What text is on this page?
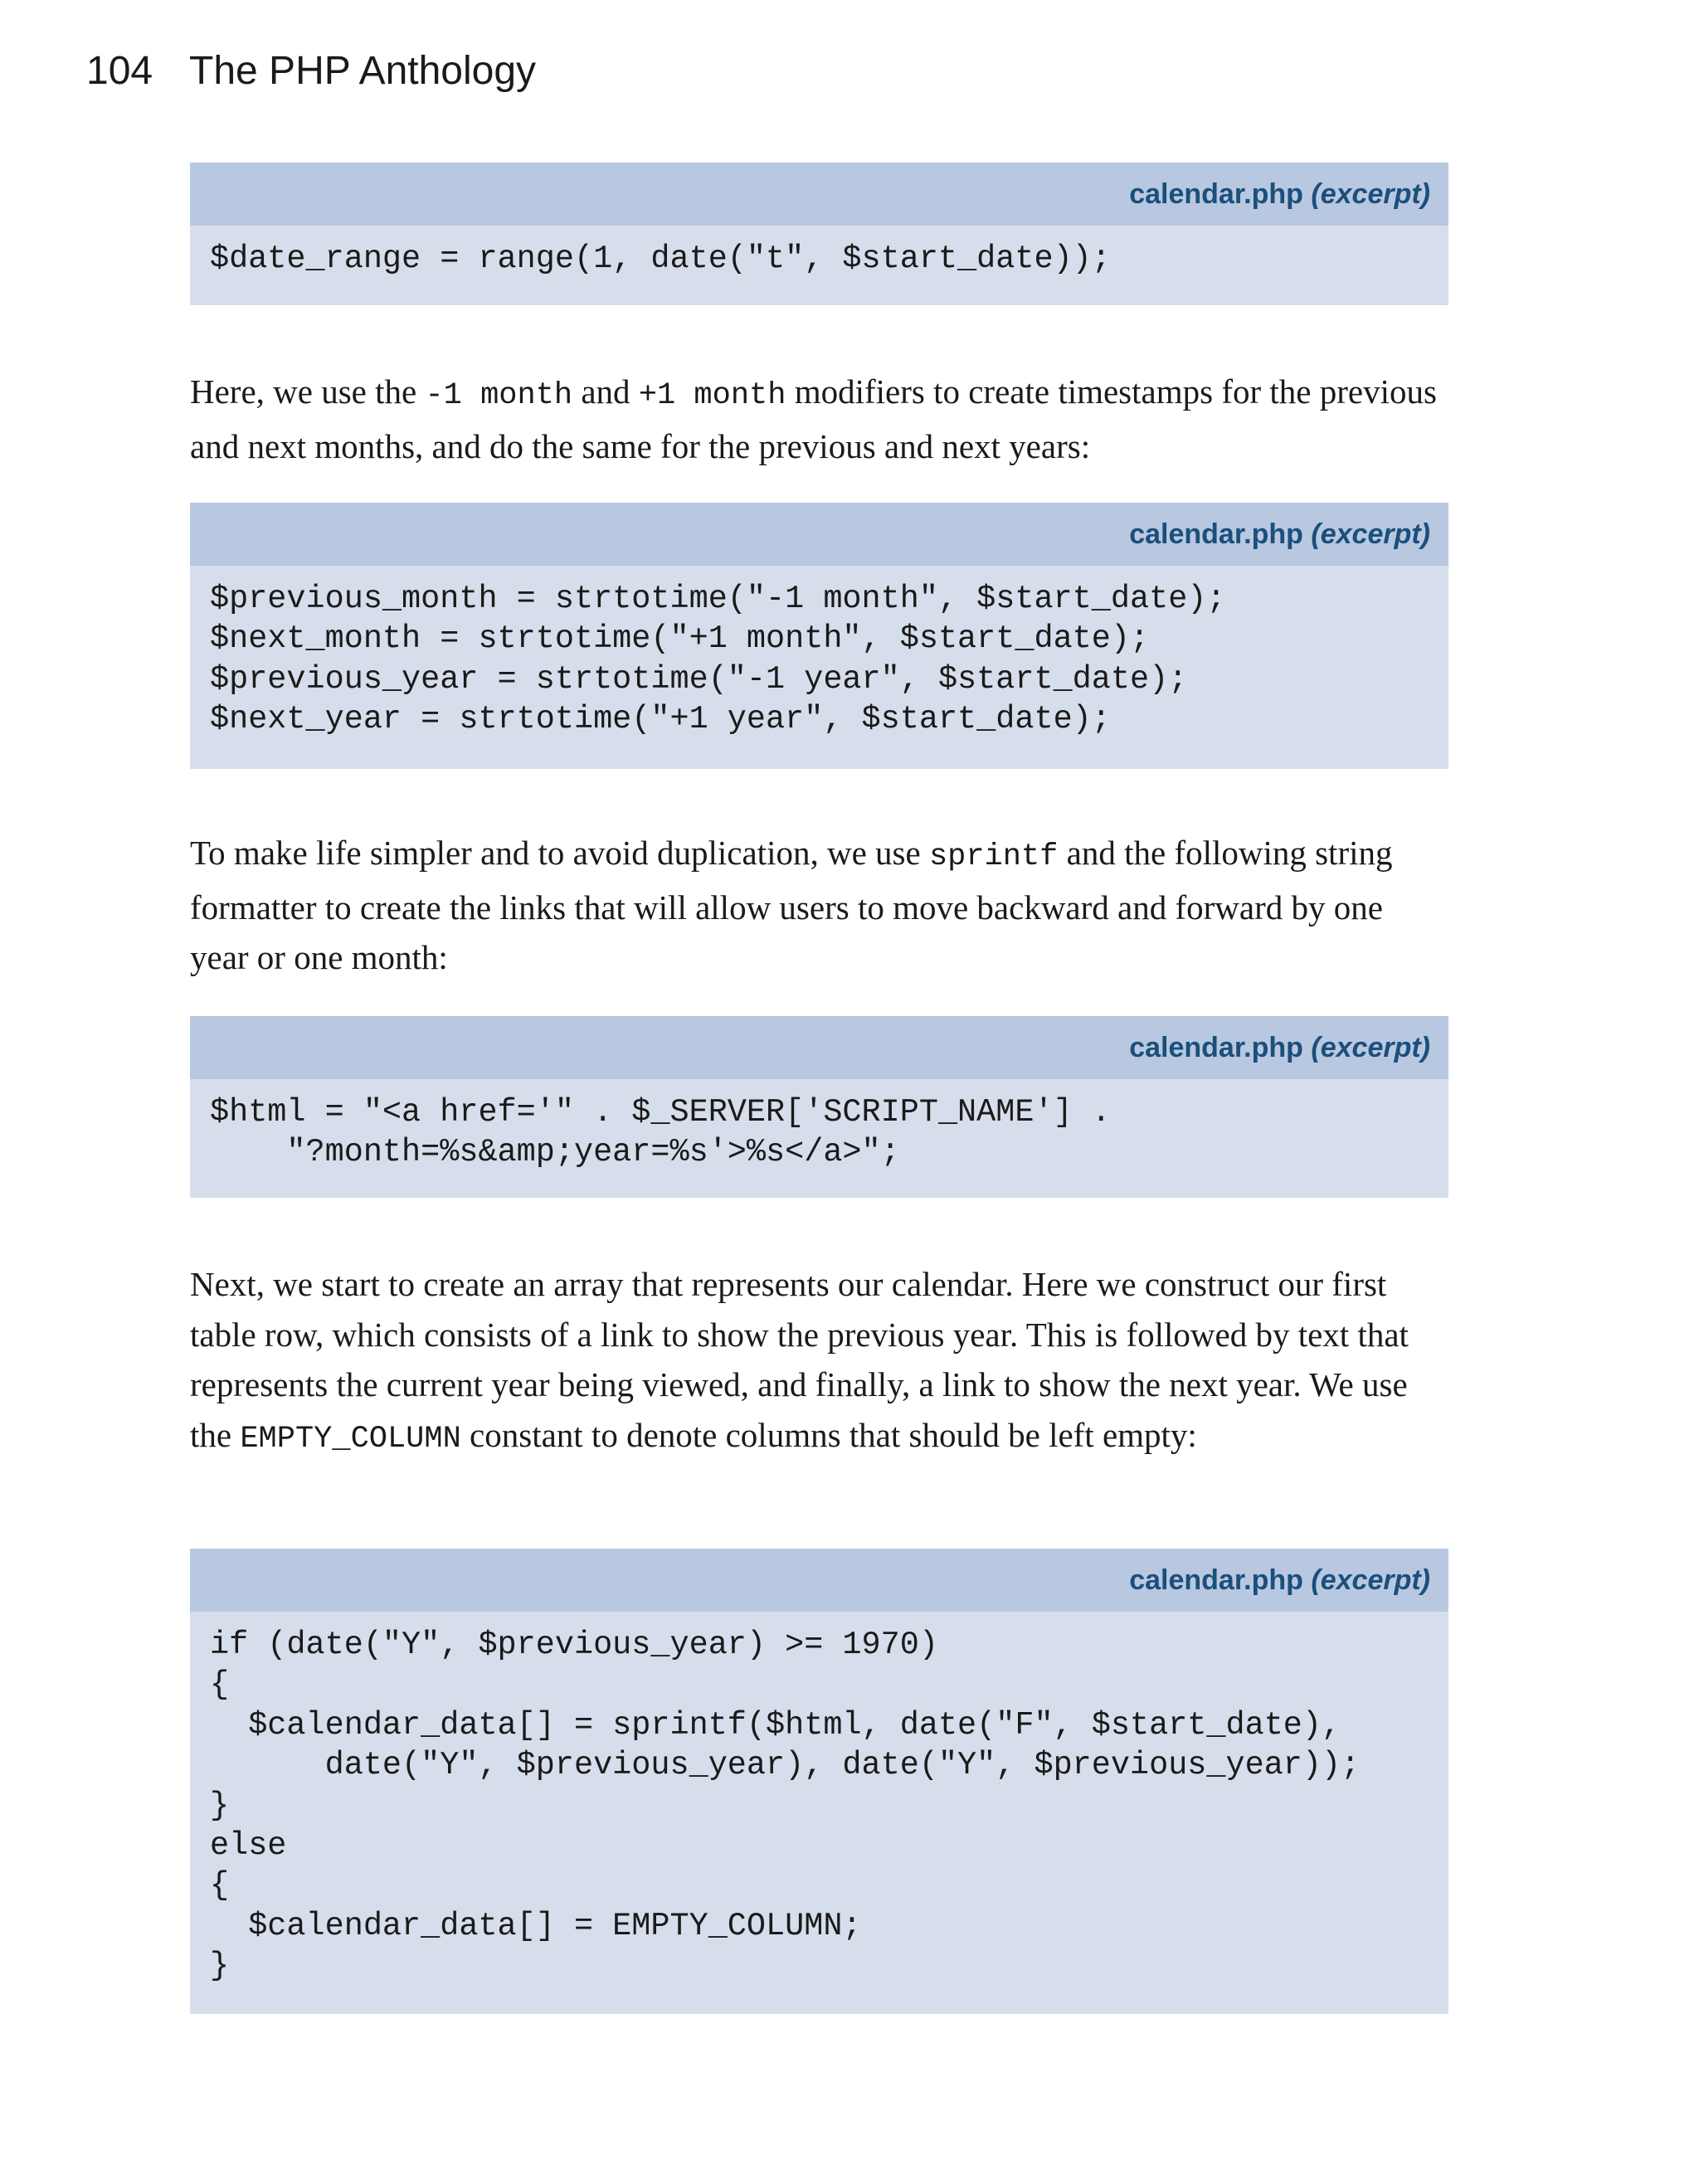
104 The PHP Anthology
calendar.php (excerpt)
$date_range = range(1, date("t", $start_date));

Here, we use the -1 month and +1 month modifiers to create timestamps for the previous and next months, and do the same for the previous and next years:

calendar.php (excerpt)
$previous_month = strtotime("-1 month", $start_date);
$next_month = strtotime("+1 month", $start_date);
$previous_year = strtotime("-1 year", $start_date);
$next_year = strtotime("+1 year", $start_date);

To make life simpler and to avoid duplication, we use sprintf and the following string formatter to create the links that will allow users to move backward and forward by one year or one month:

calendar.php (excerpt)
$html = "<a href='" . $_SERVER['SCRIPT_NAME'] .
"?month=%s&amp;year=%s'>%s</a>";

Next, we start to create an array that represents our calendar. Here we construct our first table row, which consists of a link to show the previous year. This is followed by text that represents the current year being viewed, and finally, a link to show the next year. We use the EMPTY_COLUMN constant to denote columns that should be left empty:

calendar.php (excerpt)
if (date("Y", $previous_year) >= 1970)
{
$calendar_data[] = sprintf($html, date("F", $start_date),
date("Y", $previous_year), date("Y", $previous_year));
}
else
{
$calendar_data[] = EMPTY_COLUMN;
}
